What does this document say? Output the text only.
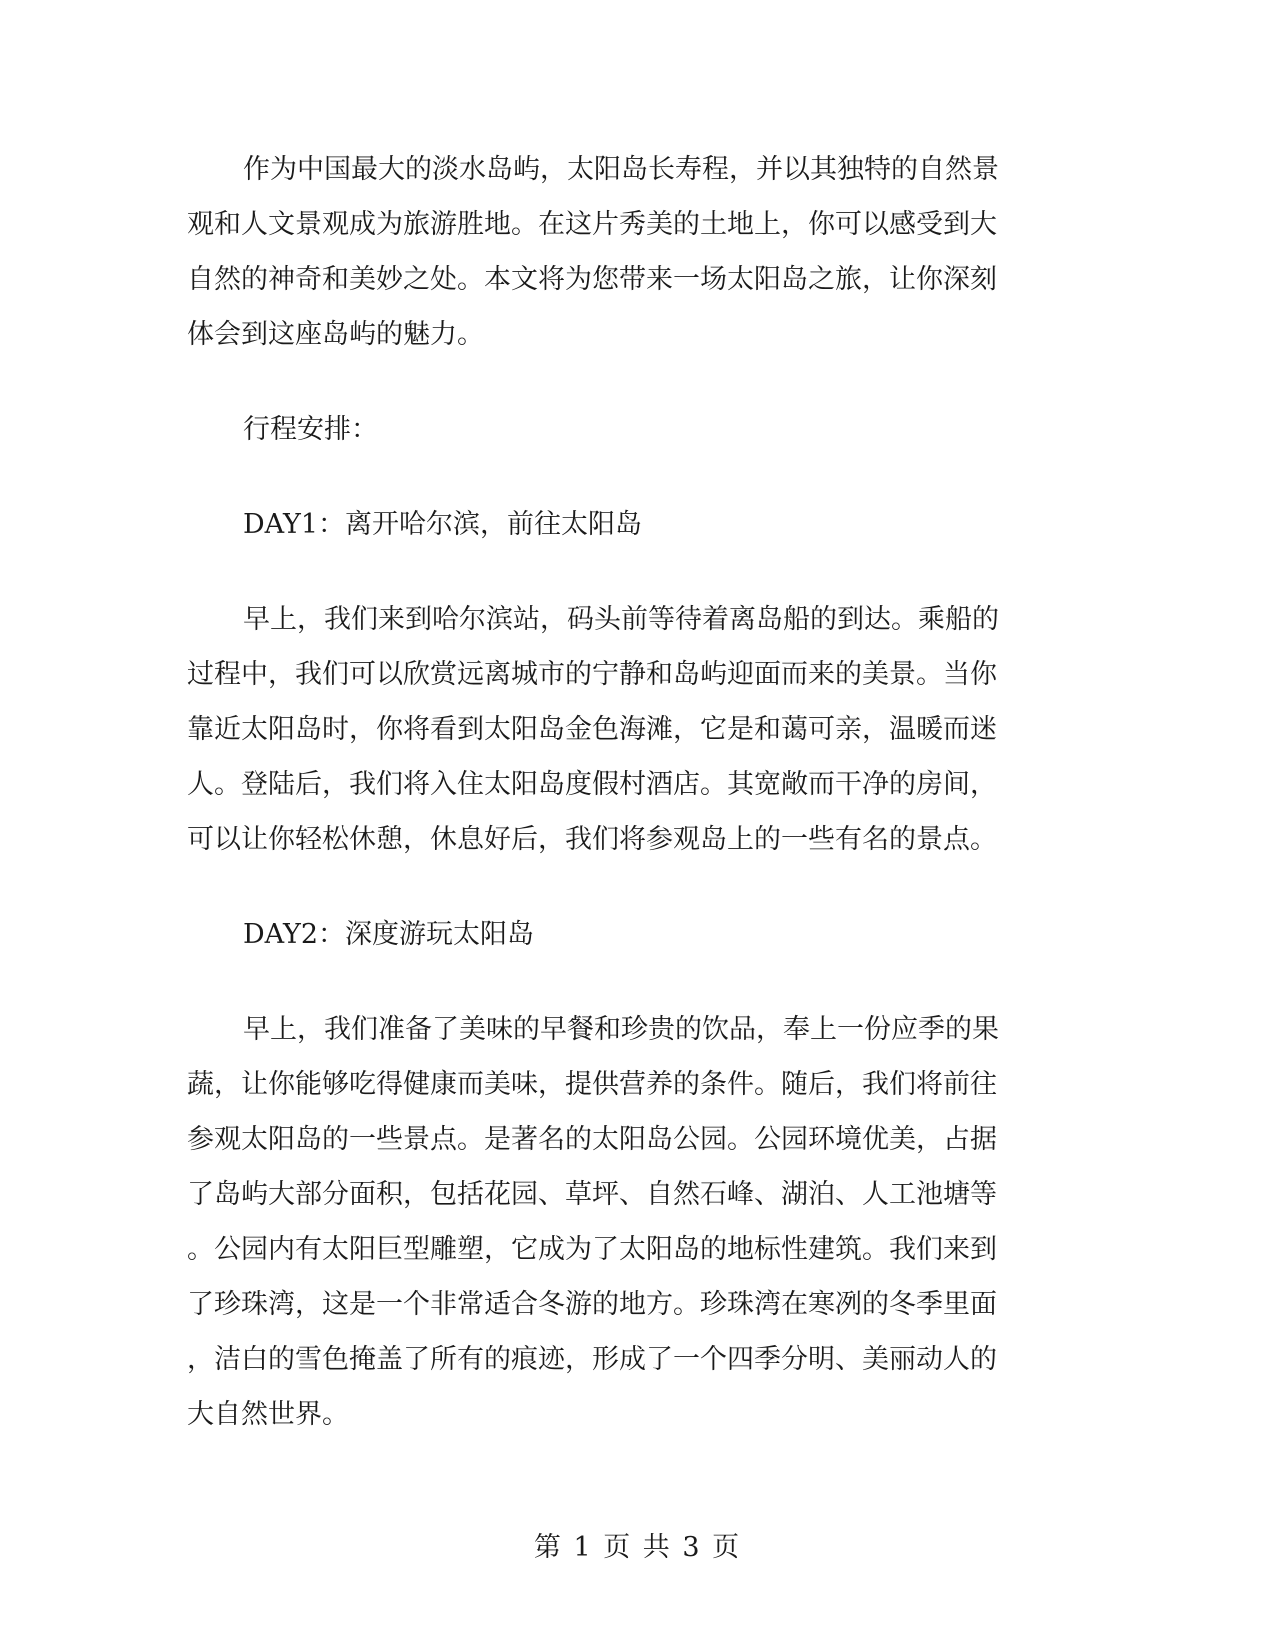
作为中国最大的淡水岛屿，太阳岛长寿程，并以其独特的自然景
观和人文景观成为旅游胜地。在这片秀美的土地上，你可以感受到大
自然的神奇和美妙之处。本文将为您带来一场太阳岛之旅，让你深刻
体会到这座岛屿的魅力。

行程安排：

DAY1：离开哈尔滨，前往太阳岛

早上，我们来到哈尔滨站，码头前等待着离岛船的到达。乘船的
过程中，我们可以欣赏远离城市的宁静和岛屿迎面而来的美景。当你
靠近太阳岛时，你将看到太阳岛金色海滩，它是和蔼可亲，温暖而迷
人。登陆后，我们将入住太阳岛度假村酒店。其宽敞而干净的房间，
可以让你轻松休憩，休息好后，我们将参观岛上的一些有名的景点。

DAY2：深度游玩太阳岛

早上，我们准备了美味的早餐和珍贵的饮品，奉上一份应季的果
蔬，让你能够吃得健康而美味，提供营养的条件。随后，我们将前往
参观太阳岛的一些景点。是著名的太阳岛公园。公园环境优美，占据
了岛屿大部分面积，包括花园、草坪、自然石峰、湖泊、人工池塘等
。公园内有太阳巨型雕塑，它成为了太阳岛的地标性建筑。我们来到
了珍珠湾，这是一个非常适合冬游的地方。珍珠湾在寒冽的冬季里面
，洁白的雪色掩盖了所有的痕迹，形成了一个四季分明、美丽动人的
大自然世界。

第 1 页 共 3 页
